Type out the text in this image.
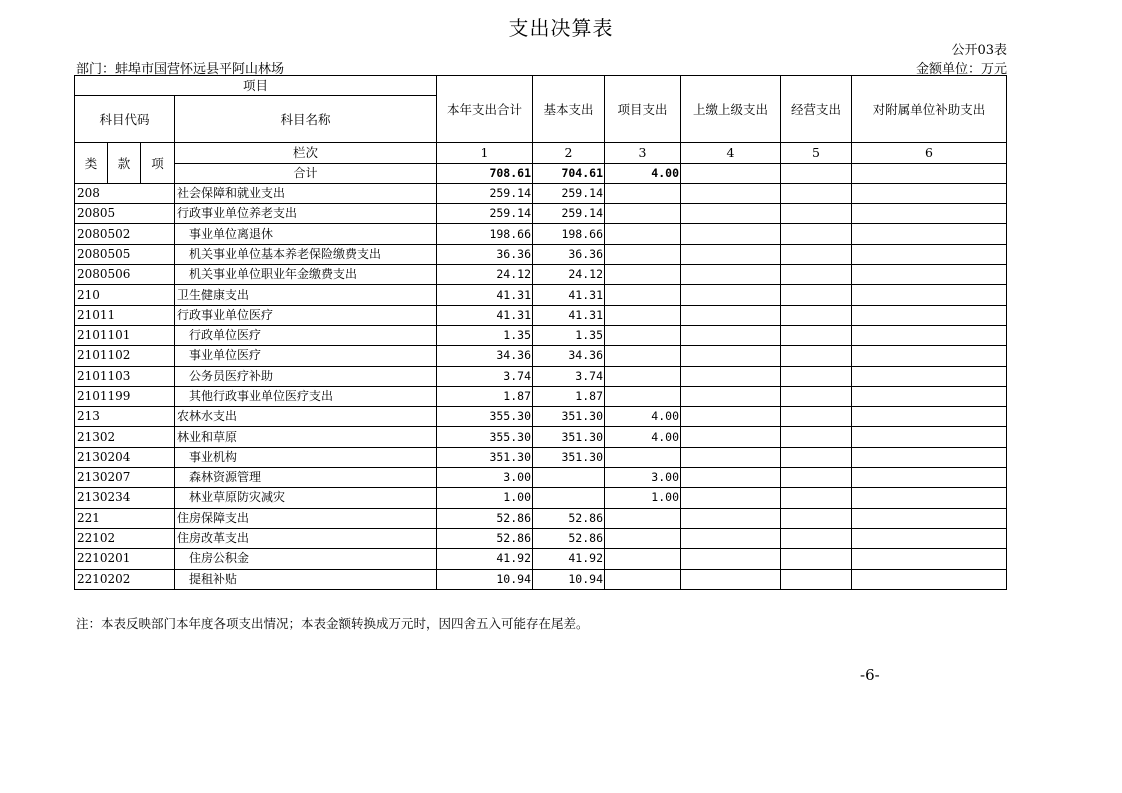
支出决算表
公开03表
部门：蚌埠市国营怀远县平阿山林场	金额单位：万元
项目				本年支出合计	基本支出	项目支出	上缴上级支出	经营支出	对附属单位补助支出
科目代码			科目名称						

类	款	项	栏次	1	2	3	4	5	6
			合计	708.61	704.61	4.00			
208			社会保障和就业支出	259.14	259.14				
20805			行政事业单位养老支出	259.14	259.14				
2080502			事业单位离退休	198.66	198.66				
2080505			机关事业单位基本养老保险缴费支出	36.36	36.36				
2080506			机关事业单位职业年金缴费支出	24.12	24.12				
210			卫生健康支出	41.31	41.31				
21011			行政事业单位医疗	41.31	41.31				
2101101			行政单位医疗	1.35	1.35				
2101102			事业单位医疗	34.36	34.36				
2101103			公务员医疗补助	3.74	3.74				
2101199			其他行政事业单位医疗支出	1.87	1.87				
213			农林水支出	355.30	351.30	4.00			
21302			林业和草原	355.30	351.30	4.00			
2130204			事业机构	351.30	351.30				
2130207			森林资源管理	3.00		3.00			
2130234			林业草原防灾减灾	1.00		1.00			
221			住房保障支出	52.86	52.86				
22102			住房改革支出	52.86	52.86				
2210201			住房公积金	41.92	41.92				
2210202			提租补贴	10.94	10.94				
注：本表反映部门本年度各项支出情况；本表金额转换成万元时，因四舍五入可能存在尾差。
-6-
